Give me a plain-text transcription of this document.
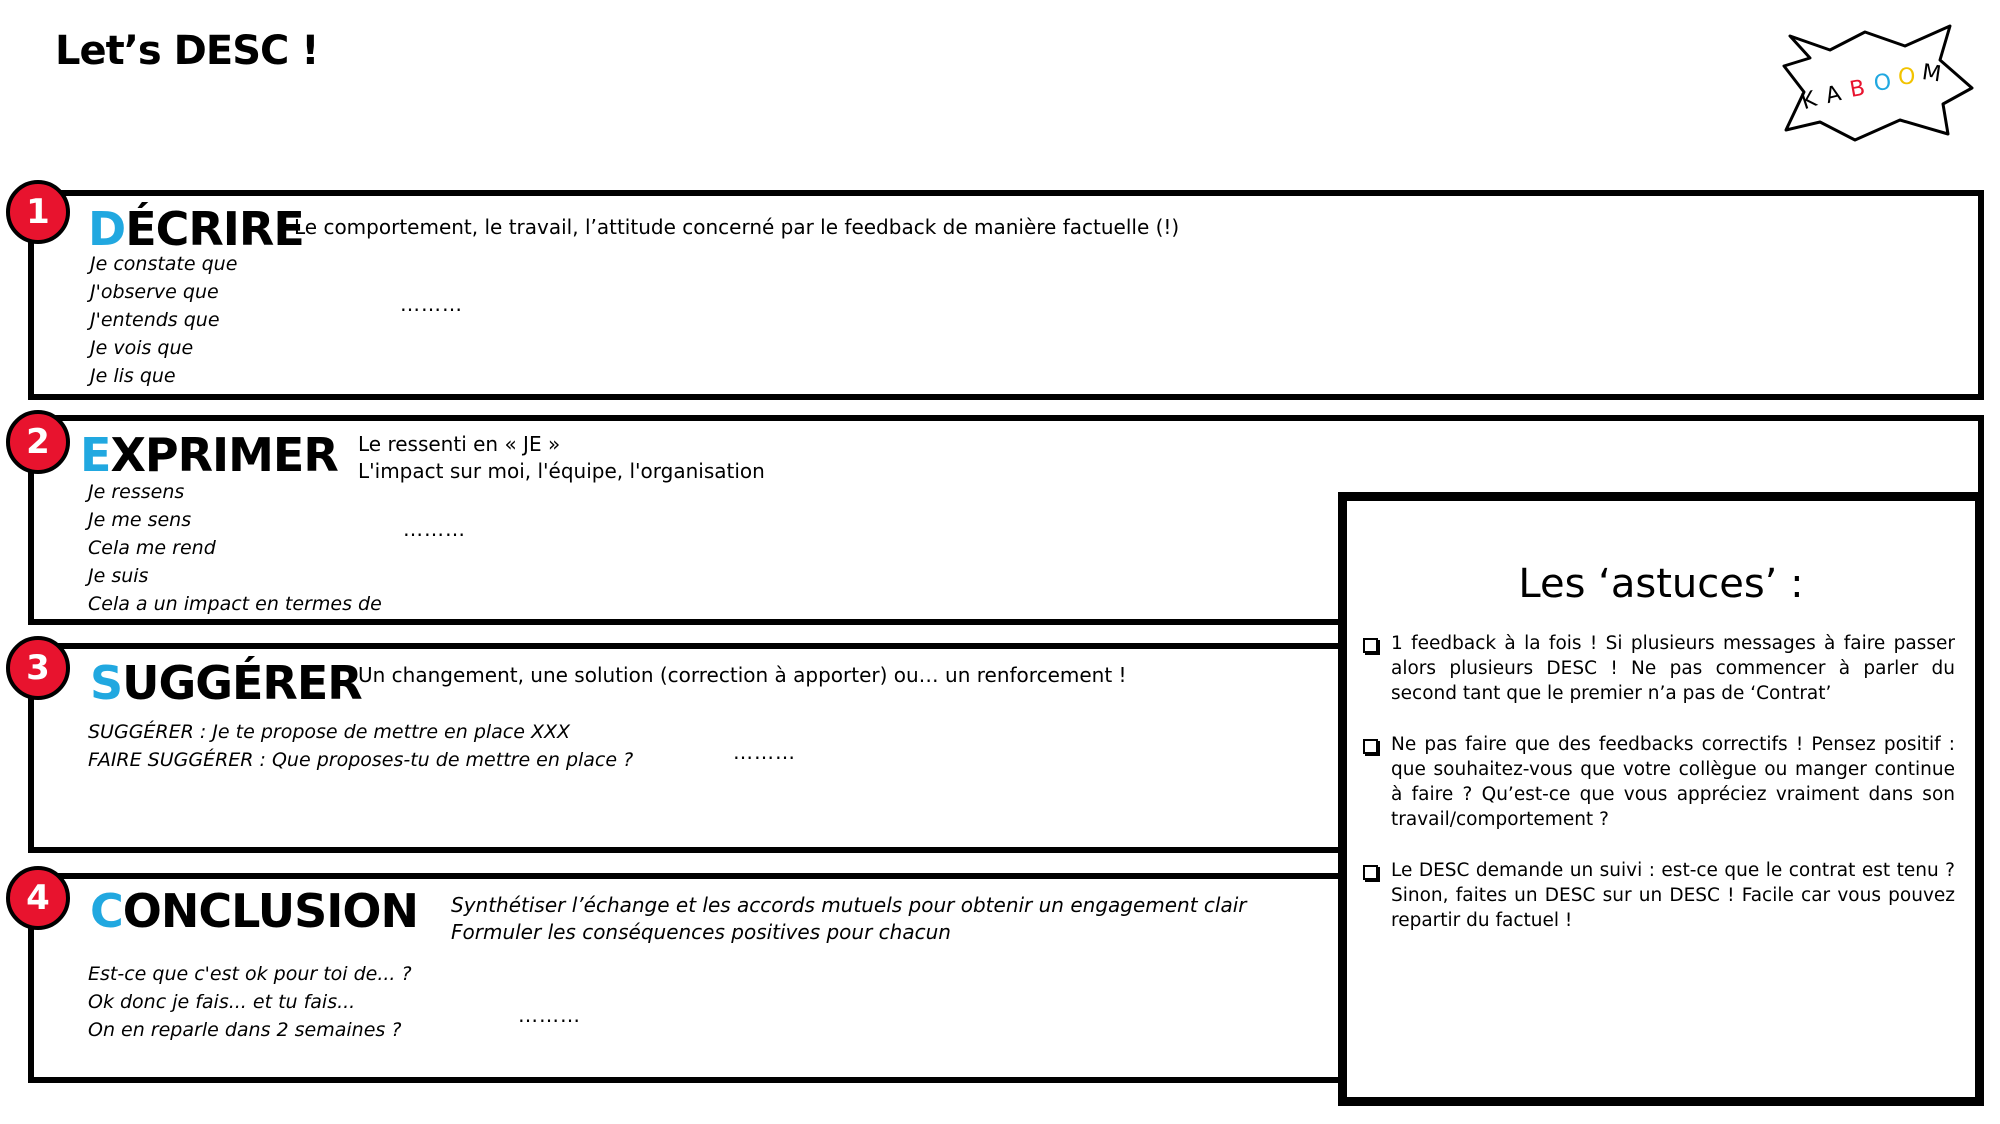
Let’s DESC !
K A B O O M
1 DÉCRIRE
Le comportement, le travail, l’attitude concerné par le feedback de manière factuelle (!)
Je constate que
J'observe que
J'entends que
Je vois que
Je lis que
………
2 EXPRIMER Le ressenti en « JE »
L'impact sur moi, l'équipe, l'organisation
Je ressens
Je me sens
Cela me rend
Je suis
Cela a un impact en termes de
………
3 SUGGÉRER
Un changement, une solution (correction à apporter) ou… un renforcement !
SUGGÉRER : Je te propose de mettre en place XXX
FAIRE SUGGÉRER : Que proposes-tu de mettre en place ?	………
4 CONCLUSION Synthétiser l’échange et les accords mutuels pour obtenir un engagement clair
Formuler les conséquences positives pour chacun
Est-ce que c'est ok pour toi de... ?
Ok donc je fais... et tu fais...
On en reparle dans 2 semaines ?
………
Les ‘astuces’ :
1 feedback à la fois ! Si plusieurs messages à faire passer alors plusieurs DESC ! Ne pas commencer à parler du second tant que le premier n’a pas de ‘Contrat’
Ne pas faire que des feedbacks correctifs ! Pensez positif : que souhaitez-vous que votre collègue ou manger continue à faire ? Qu’est-ce que vous appréciez vraiment dans son travail/comportement ?
Le DESC demande un suivi : est-ce que le contrat est tenu ? Sinon, faites un DESC sur un DESC ! Facile car vous pouvez repartir du factuel !
